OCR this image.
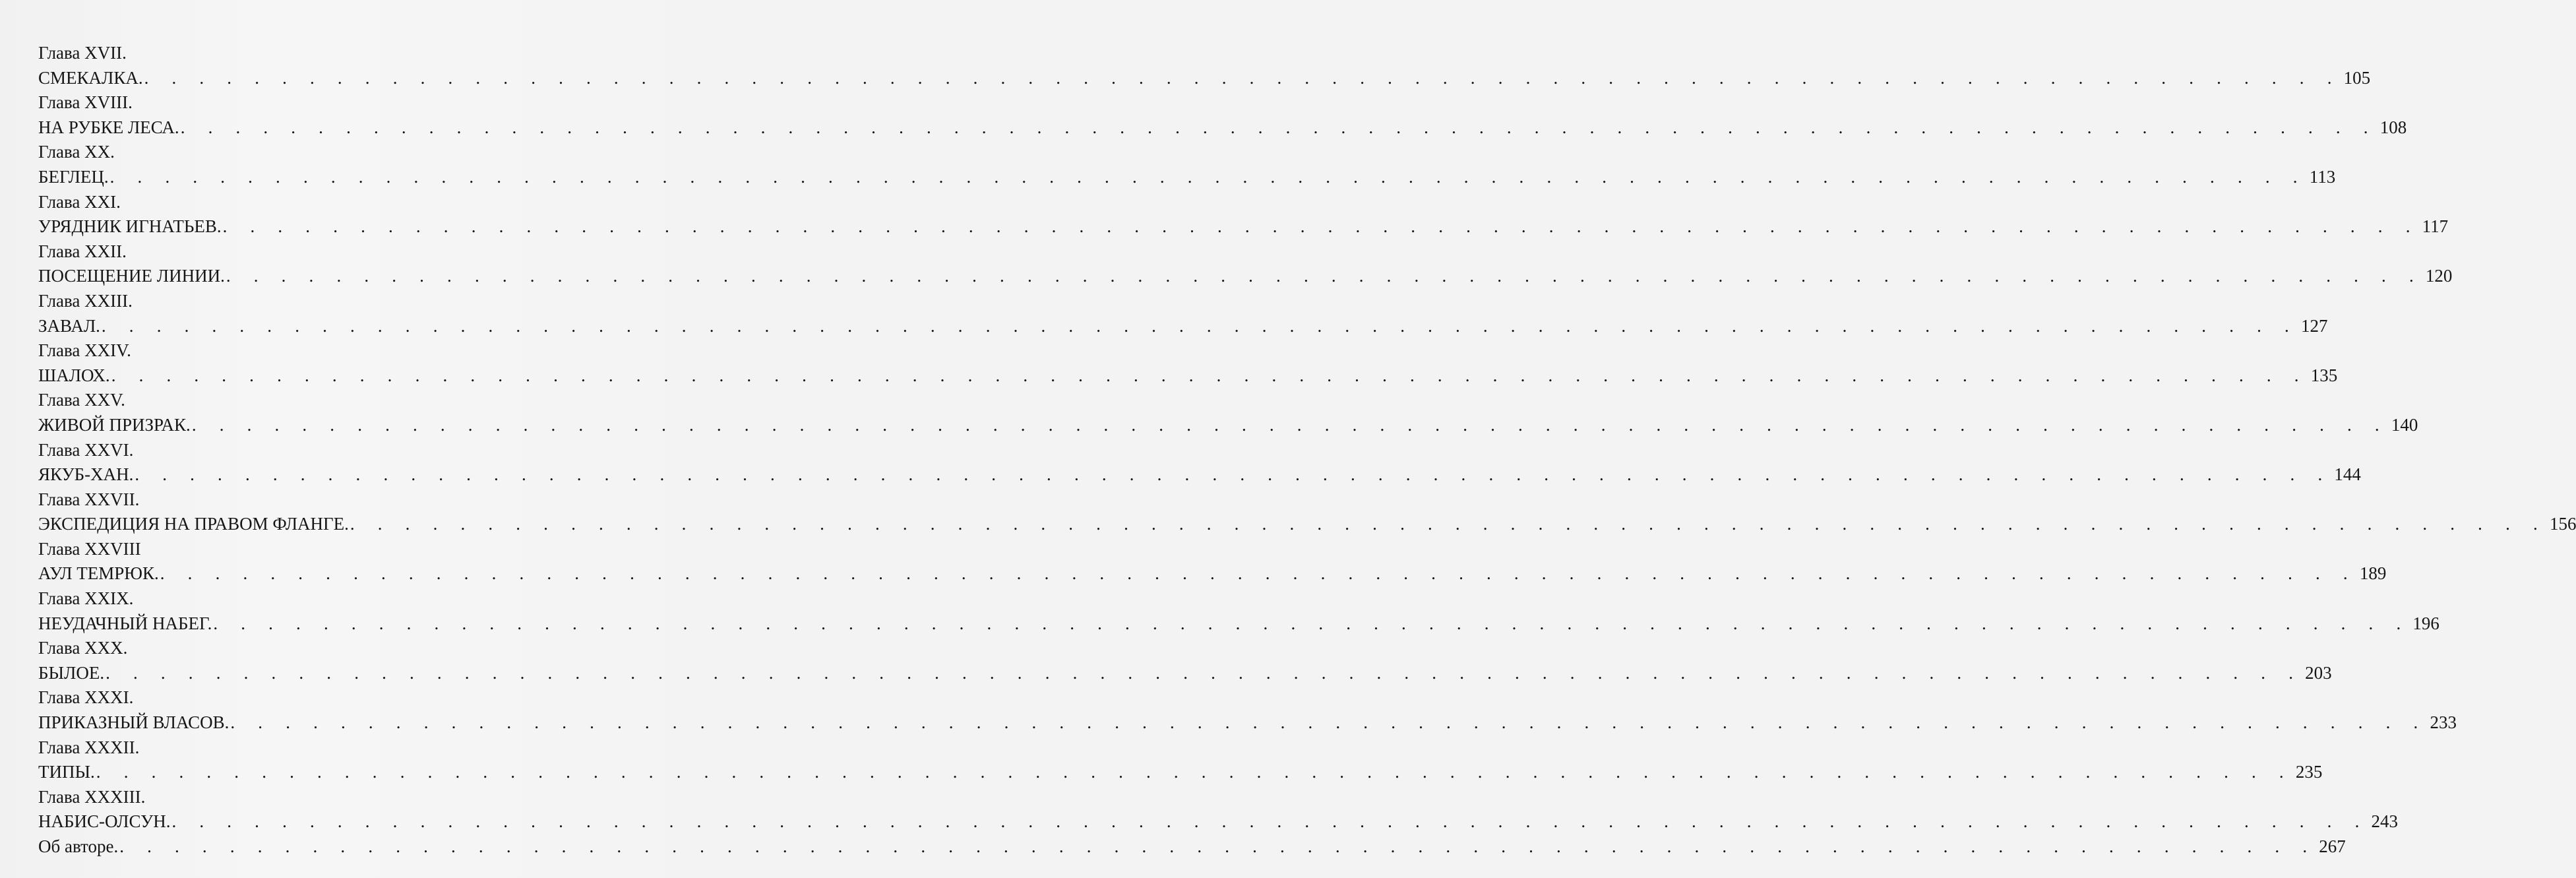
Глава XVII.
СМЕКАЛКА. . . . . . . . . . . . . . . . . . . . . . . . . . . . . . . . . . . . . . . . . . . . . . . . . . . . . . . . . . . . . . . . . . . . . . . . . . . . . . . . . 105
Глава XVIII.
НА РУБКЕ ЛЕСА. . . . . . . . . . . . . . . . . . . . . . . . . . . . . . . . . . . . . . . . . . . . . . . . . . . . . . . . . . . . . . . . . . . . . . . . . . . . . . . . . 108
Глава XX.
БЕГЛЕЦ. . . . . . . . . . . . . . . . . . . . . . . . . . . . . . . . . . . . . . . . . . . . . . . . . . . . . . . . . . . . . . . . . . . . . . . . . . . . . . . . . 113
Глава XXI.
УРЯДНИК ИГНАТЬЕВ. . . . . . . . . . . . . . . . . . . . . . . . . . . . . . . . . . . . . . . . . . . . . . . . . . . . . . . . . . . . . . . . . . . . . . . . . . . . . . . . . 117
Глава XXII.
ПОСЕЩЕНИЕ ЛИНИИ. . . . . . . . . . . . . . . . . . . . . . . . . . . . . . . . . . . . . . . . . . . . . . . . . . . . . . . . . . . . . . . . . . . . . . . . . . . . . . . . . 120
Глава XXIII.
ЗАВАЛ. . . . . . . . . . . . . . . . . . . . . . . . . . . . . . . . . . . . . . . . . . . . . . . . . . . . . . . . . . . . . . . . . . . . . . . . . . . . . . . . . 127
Глава XXIV.
ШАЛОХ. . . . . . . . . . . . . . . . . . . . . . . . . . . . . . . . . . . . . . . . . . . . . . . . . . . . . . . . . . . . . . . . . . . . . . . . . . . . . . . . . 135
Глава XXV.
ЖИВОЙ ПРИЗРАК. . . . . . . . . . . . . . . . . . . . . . . . . . . . . . . . . . . . . . . . . . . . . . . . . . . . . . . . . . . . . . . . . . . . . . . . . . . . . . . . . 140
Глава XXVI.
ЯКУБ-ХАН. . . . . . . . . . . . . . . . . . . . . . . . . . . . . . . . . . . . . . . . . . . . . . . . . . . . . . . . . . . . . . . . . . . . . . . . . . . . . . . . . 144
Глава XXVII.
ЭКСПЕДИЦИЯ НА ПРАВОМ ФЛАНГЕ. . . . . . . . . . . . . . . . . . . . . . . . . . . . . . . . . . . . . . . . . . . . . . . . . . . . . . . . . . . . . . . . . . . . . . . . . . . . . . . . . 156
Глава XXVIII
АУЛ ТЕМРЮК. . . . . . . . . . . . . . . . . . . . . . . . . . . . . . . . . . . . . . . . . . . . . . . . . . . . . . . . . . . . . . . . . . . . . . . . . . . . . . . . . 189
Глава XXIX.
НЕУДАЧНЫЙ НАБЕГ. . . . . . . . . . . . . . . . . . . . . . . . . . . . . . . . . . . . . . . . . . . . . . . . . . . . . . . . . . . . . . . . . . . . . . . . . . . . . . . . . 196
Глава XXX.
БЫЛОЕ. . . . . . . . . . . . . . . . . . . . . . . . . . . . . . . . . . . . . . . . . . . . . . . . . . . . . . . . . . . . . . . . . . . . . . . . . . . . . . . . . 203
Глава XXXI.
ПРИКАЗНЫЙ ВЛАСОВ. . . . . . . . . . . . . . . . . . . . . . . . . . . . . . . . . . . . . . . . . . . . . . . . . . . . . . . . . . . . . . . . . . . . . . . . . . . . . . . . . 233
Глава XXXII.
ТИПЫ. . . . . . . . . . . . . . . . . . . . . . . . . . . . . . . . . . . . . . . . . . . . . . . . . . . . . . . . . . . . . . . . . . . . . . . . . . . . . . . . . 235
Глава XXXIII.
НАБИС-ОЛСУН. . . . . . . . . . . . . . . . . . . . . . . . . . . . . . . . . . . . . . . . . . . . . . . . . . . . . . . . . . . . . . . . . . . . . . . . . . . . . . . . . 243
Об авторе. . . . . . . . . . . . . . . . . . . . . . . . . . . . . . . . . . . . . . . . . . . . . . . . . . . . . . . . . . . . . . . . . . . . . . . . . . . . . . . . . 267
